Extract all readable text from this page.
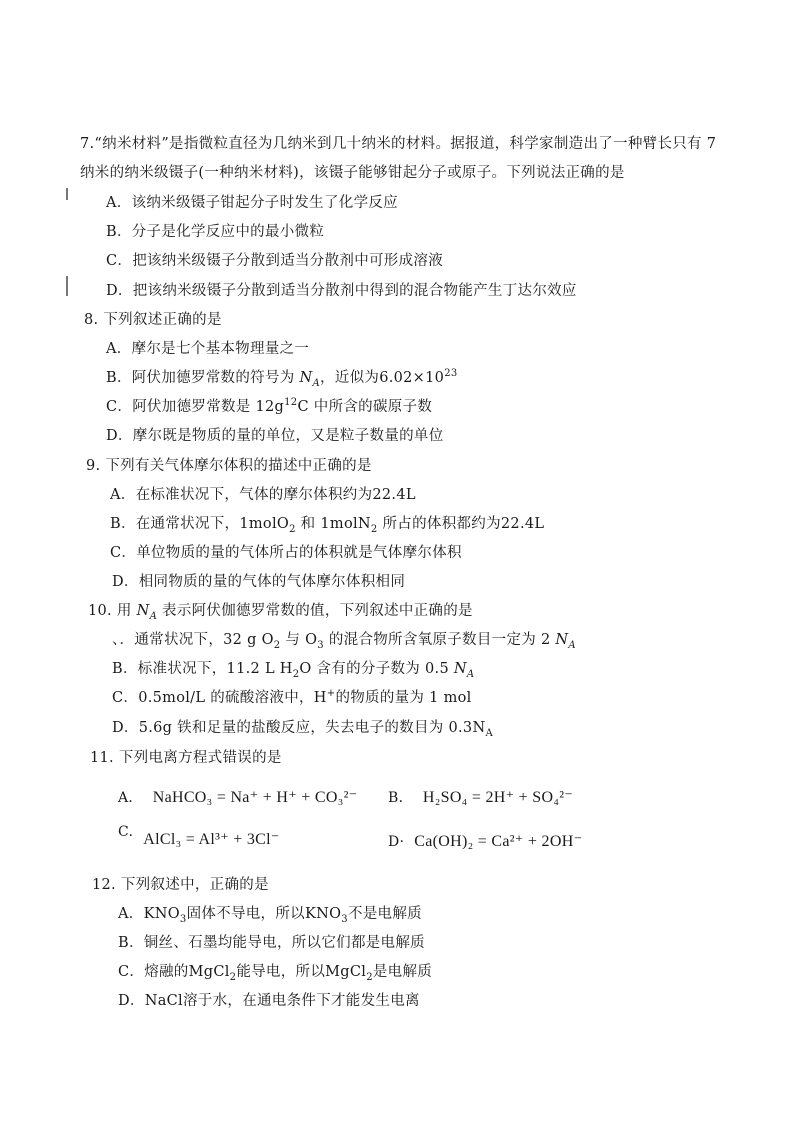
7.“纳米材料”是指微粒直径为几纳米到几十纳米的材料。据报道，科学家制造出了一种臂长只有 7
纳米的纳米级镊子(一种纳米材料)，该镊子能够钳起分子或原子。下列说法正确的是
A．该纳米级镊子钳起分子时发生了化学反应
B．分子是化学反应中的最小微粒
C．把该纳米级镊子分散到适当分散剂中可形成溶液
D．把该纳米级镊子分散到适当分散剂中得到的混合物能产生丁达尔效应
8. 下列叙述正确的是
A．摩尔是七个基本物理量之一
B．阿伏加德罗常数的符号为 $N_A$，近似为$6.02\times 10^{23}$
C．阿伏加德罗常数是 $12g^{12}C$ 中所含的碳原子数
D．摩尔既是物质的量的单位，又是粒子数量的单位
9. 下列有关气体摩尔体积的描述中正确的是
A．在标准状况下，气体的摩尔体积约为22.4L
B．在通常状况下，1molO$_2$ 和 1molN$_2$ 所占的体积都约为22.4L
C．单位物质的量的气体所占的体积就是气体摩尔体积
D．相同物质的量的气体的气体摩尔体积相同
10. 用 $N_A$ 表示阿伏伽德罗常数的值，下列叙述中正确的是
、．通常状况下，32 g $O_2$ 与 $O_3$ 的混合物所含氧原子数目一定为 2 $N_A$
B．标准状况下，11.2 L $H_2O$ 含有的分子数为 0.5 $N_A$
C．0.5mol/L 的硫酸溶液中，H+的物质的量为 1 mol
D．5.6g 铁和足量的盐酸反应，失去电子的数目为 $0.3N_A$
11. 下列电离方程式错误的是
A． NaHCO₃ = Na⁺ + H⁺ + CO₃²⁻ B． H₂SO₄ = 2H⁺ + SO₄²⁻
C. AlCl₃ = Al³⁺ + 3Cl⁻	D· Ca(OH)₂ = Ca²⁺ + 2OH⁻
12. 下列叙述中，正确的是
A．$KNO_3$固体不导电，所以$KNO_3$不是电解质
B．铜丝、石墨均能导电，所以它们都是电解质
C．熔融的MgCl$_2$能导电，所以MgCl$_2$是电解质
D．NaCl溶于水，在通电条件下才能发生电离
